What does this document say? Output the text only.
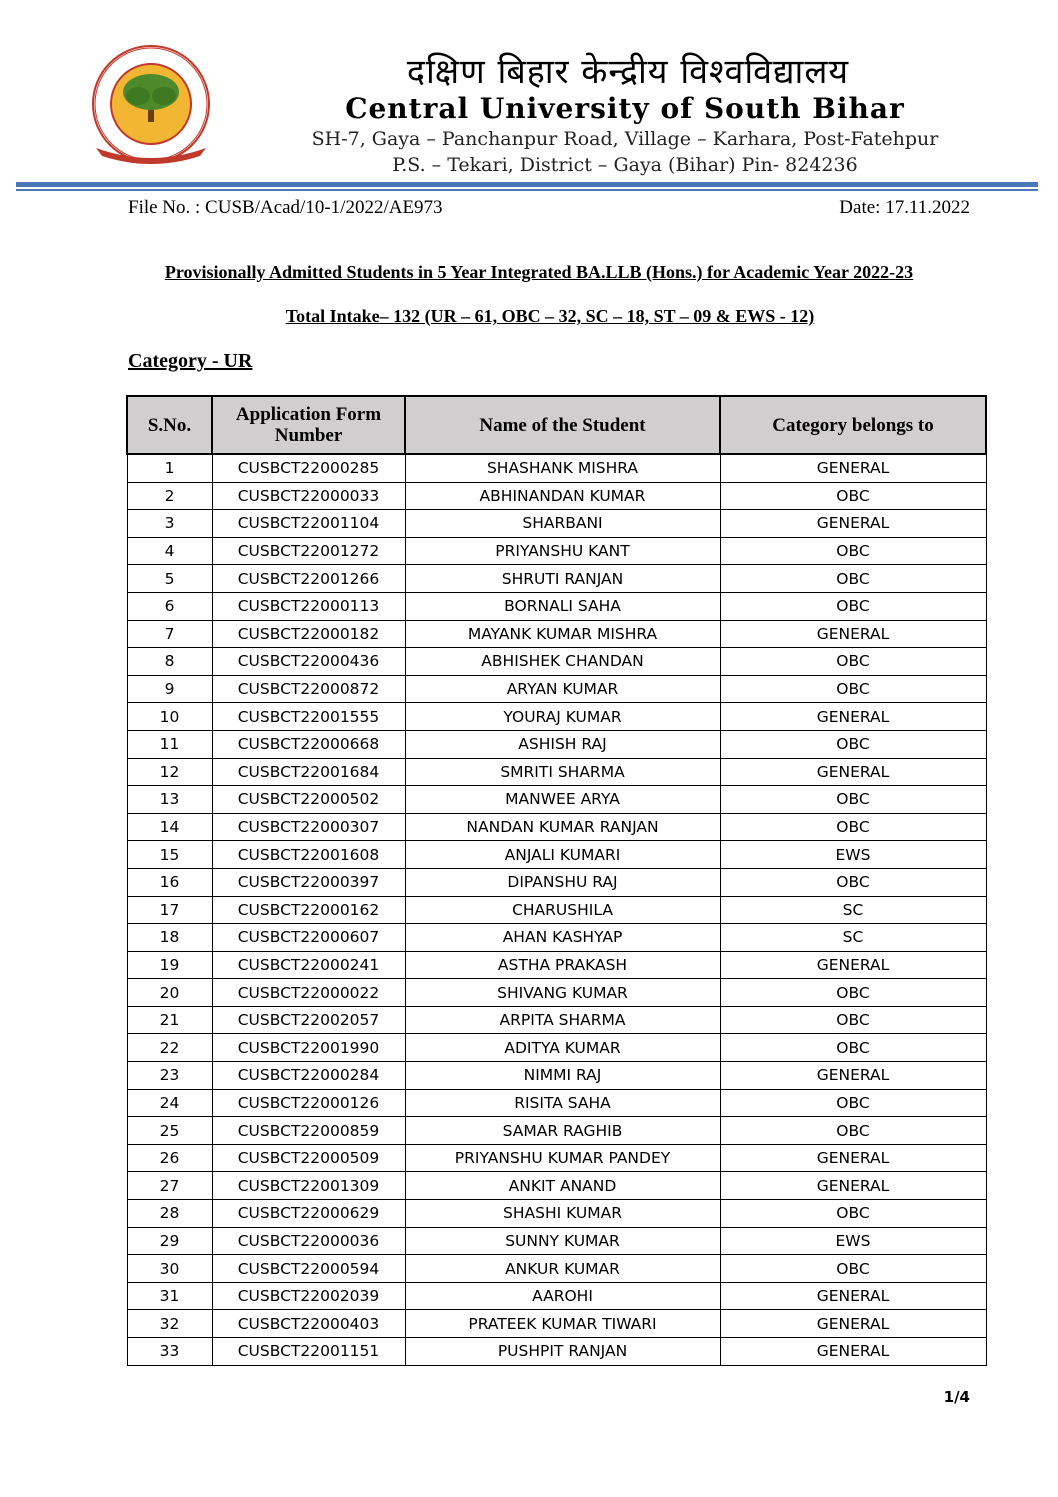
दक्षिण बिहार केन्द्रीय विश्वविद्यालय
Central University of South Bihar
SH-7, Gaya – Panchanpur Road, Village – Karhara, Post-Fatehpur
P.S. – Tekari, District – Gaya (Bihar) Pin- 824236
File No. : CUSB/Acad/10-1/2022/AE973	Date: 17.11.2022
Provisionally Admitted Students in 5 Year Integrated BA.LLB (Hons.) for Academic Year 2022-23
Total Intake– 132 (UR – 61, OBC – 32, SC – 18, ST – 09 & EWS - 12)
Category - UR
S.No.	Application Form Number	Name of the Student	Category belongs to
1	CUSBCT22000285	SHASHANK MISHRA	GENERAL
2	CUSBCT22000033	ABHINANDAN KUMAR	OBC
3	CUSBCT22001104	SHARBANI	GENERAL
4	CUSBCT22001272	PRIYANSHU KANT	OBC
5	CUSBCT22001266	SHRUTI RANJAN	OBC
6	CUSBCT22000113	BORNALI SAHA	OBC
7	CUSBCT22000182	MAYANK KUMAR MISHRA	GENERAL
8	CUSBCT22000436	ABHISHEK CHANDAN	OBC
9	CUSBCT22000872	ARYAN KUMAR	OBC
10	CUSBCT22001555	YOURAJ KUMAR	GENERAL
11	CUSBCT22000668	ASHISH RAJ	OBC
12	CUSBCT22001684	SMRITI SHARMA	GENERAL
13	CUSBCT22000502	MANWEE ARYA	OBC
14	CUSBCT22000307	NANDAN KUMAR RANJAN	OBC
15	CUSBCT22001608	ANJALI KUMARI	EWS
16	CUSBCT22000397	DIPANSHU RAJ	OBC
17	CUSBCT22000162	CHARUSHILA	SC
18	CUSBCT22000607	AHAN KASHYAP	SC
19	CUSBCT22000241	ASTHA PRAKASH	GENERAL
20	CUSBCT22000022	SHIVANG KUMAR	OBC
21	CUSBCT22002057	ARPITA SHARMA	OBC
22	CUSBCT22001990	ADITYA KUMAR	OBC
23	CUSBCT22000284	NIMMI RAJ	GENERAL
24	CUSBCT22000126	RISITA SAHA	OBC
25	CUSBCT22000859	SAMAR RAGHIB	OBC
26	CUSBCT22000509	PRIYANSHU KUMAR PANDEY	GENERAL
27	CUSBCT22001309	ANKIT ANAND	GENERAL
28	CUSBCT22000629	SHASHI KUMAR	OBC
29	CUSBCT22000036	SUNNY KUMAR	EWS
30	CUSBCT22000594	ANKUR KUMAR	OBC
31	CUSBCT22002039	AAROHI	GENERAL
32	CUSBCT22000403	PRATEEK KUMAR TIWARI	GENERAL
33	CUSBCT22001151	PUSHPIT RANJAN	GENERAL
1/4
